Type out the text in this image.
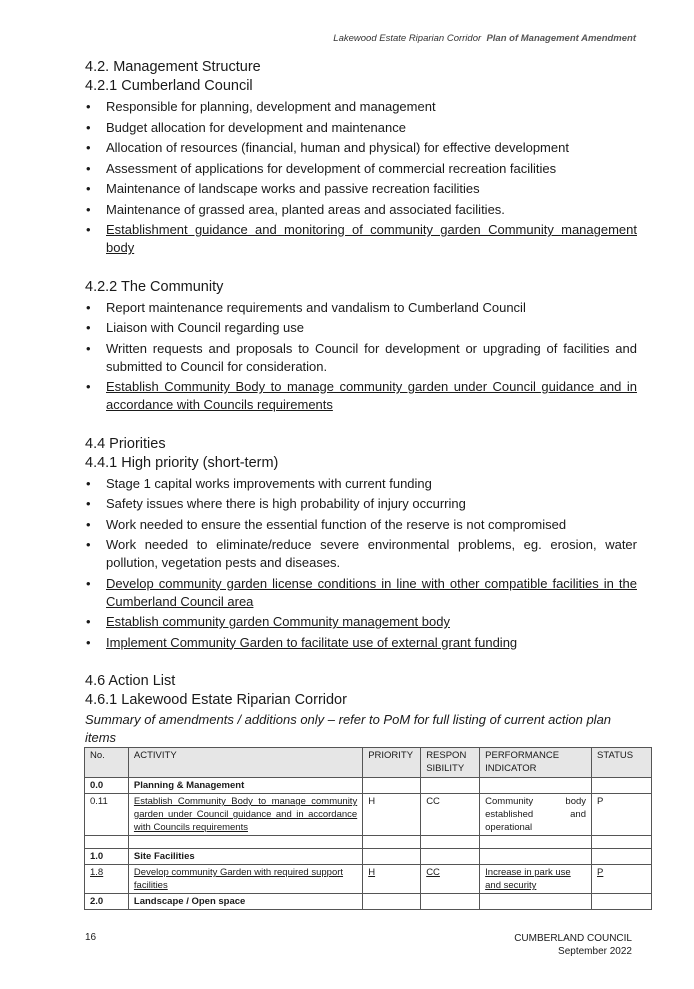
Lakewood Estate Riparian Corridor Plan of Management Amendment
4.2. Management Structure
4.2.1 Cumberland Council
• Responsible for planning, development and management
• Budget allocation for development and maintenance
• Allocation of resources (financial, human and physical) for effective development
• Assessment of applications for development of commercial recreation facilities
• Maintenance of landscape works and passive recreation facilities
• Maintenance of grassed area, planted areas and associated facilities.
• Establishment guidance and monitoring of community garden Community management body
4.2.2 The Community
• Report maintenance requirements and vandalism to Cumberland Council
• Liaison with Council regarding use
• Written requests and proposals to Council for development or upgrading of facilities and submitted to Council for consideration.
• Establish Community Body to manage community garden under Council guidance and in accordance with Councils requirements
4.4 Priorities
4.4.1 High priority (short-term)
• Stage 1 capital works improvements with current funding
• Safety issues where there is high probability of injury occurring
• Work needed to ensure the essential function of the reserve is not compromised
• Work needed to eliminate/reduce severe environmental problems, eg. erosion, water pollution, vegetation pests and diseases.
• Develop community garden license conditions in line with other compatible facilities in the Cumberland Council area
• Establish community garden Community management body
• Implement Community Garden to facilitate use of external grant funding
4.6 Action List
4.6.1 Lakewood Estate Riparian Corridor
Summary of amendments / additions only – refer to PoM for full listing of current action plan items
No.	ACTIVITY	PRIORITY	RESPON SIBILITY	PERFORMANCE INDICATOR	STATUS
0.0	Planning & Management				
0.11	Establish Community Body to manage community garden under Council guidance and in accordance with Councils requirements	H	CC	Community body established and operational	P

1.0	Site Facilities				
1.8	Develop community Garden with required support facilities	H	CC	Increase in park use and security	P
2.0	Landscape / Open space				
16	CUMBERLAND COUNCIL
September 2022
